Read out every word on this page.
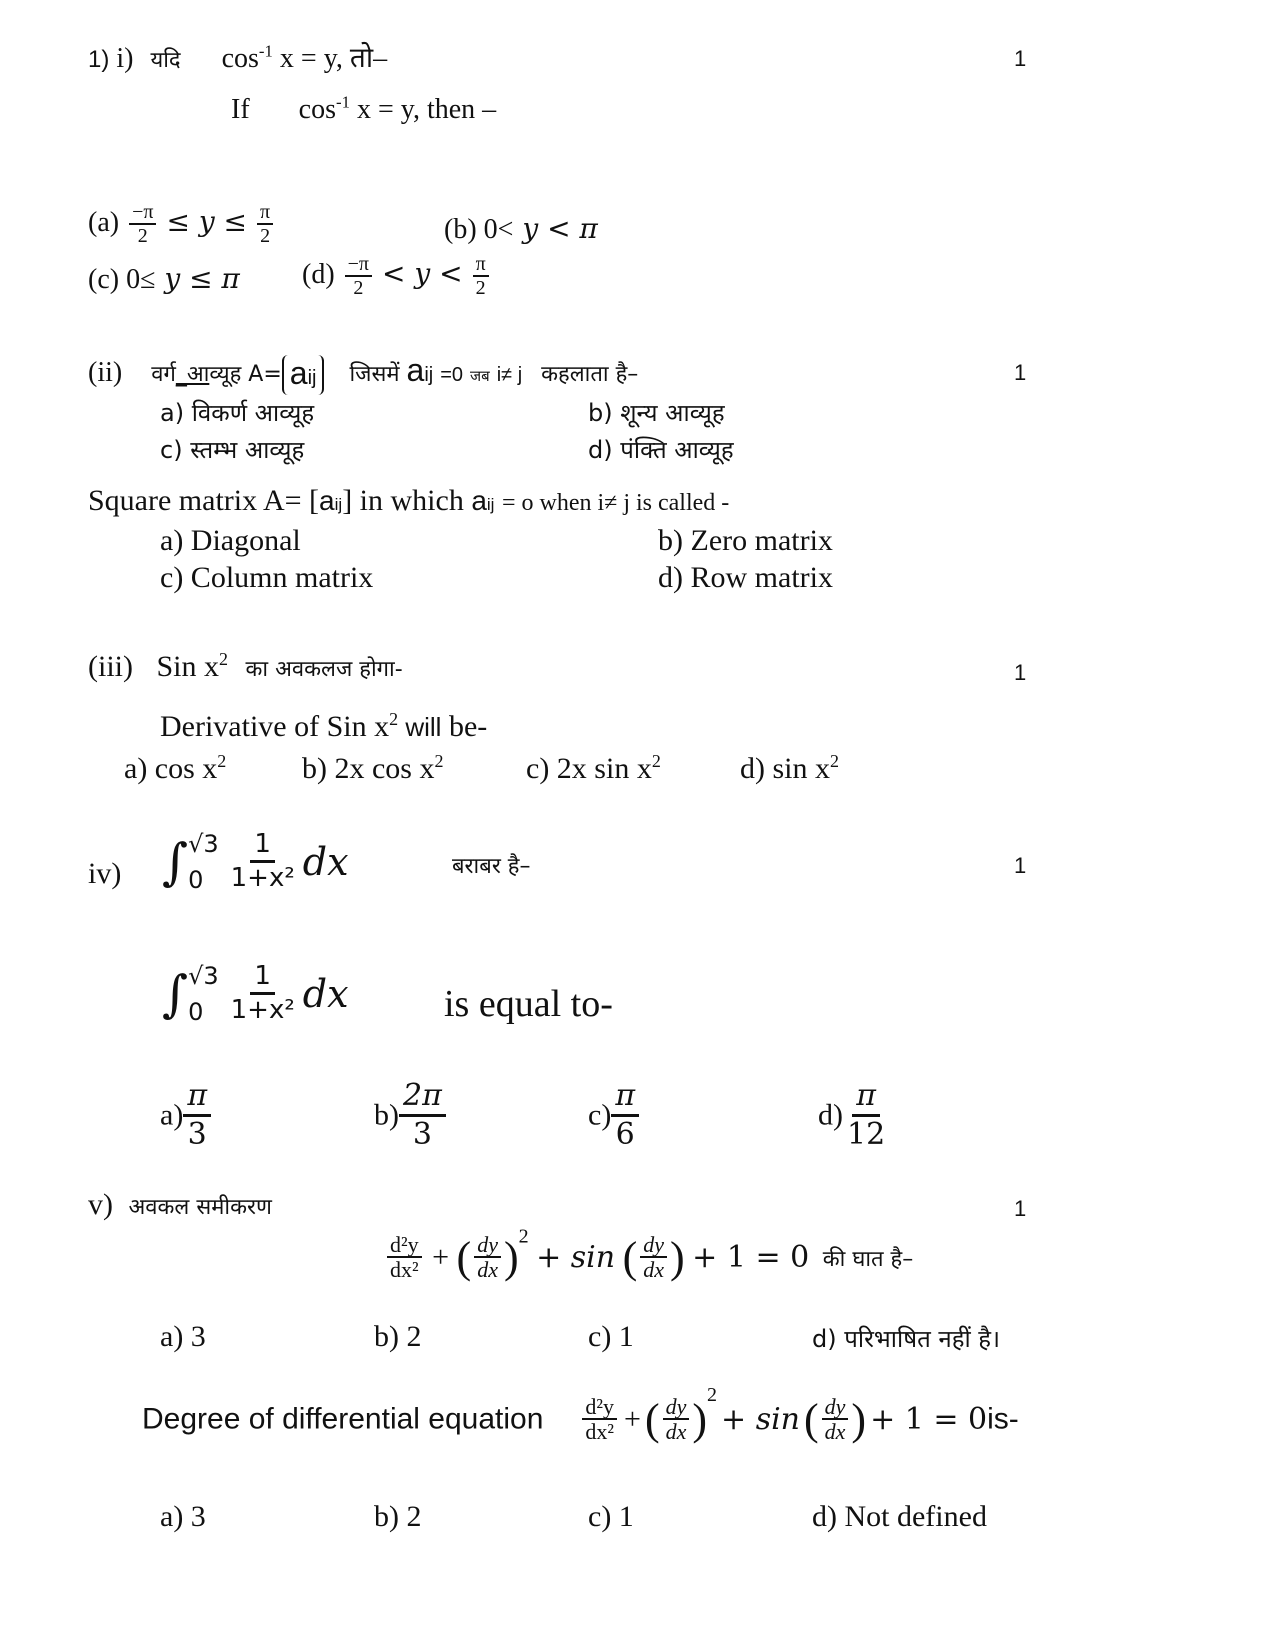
1) i) यदि $\cos^{-1} x = y$, तो–	1
If $\cos^{-1} x = y$, then –
$(a) \frac{-\pi}{2} \le y \le \frac{\pi}{2}$	(b) 0< y < π
(c) 0≤ y ≤ π $(d) \frac{-\pi}{2} < y < \frac{\pi}{2}$
(ii) वर्ग_आव्यूह A= aij जिसमें aij =0 जब i≠ j कहलाता है–	1
a) विकर्ण आव्यूह	b) शून्य आव्यूह
c) स्तम्भ आव्यूह	d) पंक्ति आव्यूह
Square matrix A= [aij] in which aij = o when i≠ j is called -
a) Diagonal	b) Zero matrix
c) Column matrix	d) Row matrix
(iii) Sin $x^2$ का अवकलज होगा-	1
Derivative of Sin $x^2$ will be-
a) $\cos x^2$	b) 2x $\cos x^2$	c) 2x $\sin x^2$	d) $\sin x^2$
iv) ∫ √3
0
$\frac{1}{\text{1+x²}}$ dx	बराबर है–	1
∫ √3
0
$\frac{1}{\text{1+x²}}$ dx	is equal to-
$a) \frac{\pi}{3}$	$b) \frac{2\pi}{3}$	$c) \frac{\pi}{6}$	$d) \frac{\pi}{12}$
v) अवकल समीकरण	1
$\frac{\text{d²y}}{\text{dx²}}$ + ( $\frac{dy}{dx} )^2 + \sin$ ( $\frac{dy}{dx}$ ) + 1 = 0 की घात है–
a) 3	b) 2	c) 1	d) परिभाषित नहीं है।
Degree of differential equation $\frac{\text{d²y}}{\text{dx²}}$ + ( $\frac{dy}{dx} )^2 + \sin$ ( $\frac{dy}{dx}$ ) + 1 = 0is-
a) 3	b) 2	c) 1	d) Not defined
